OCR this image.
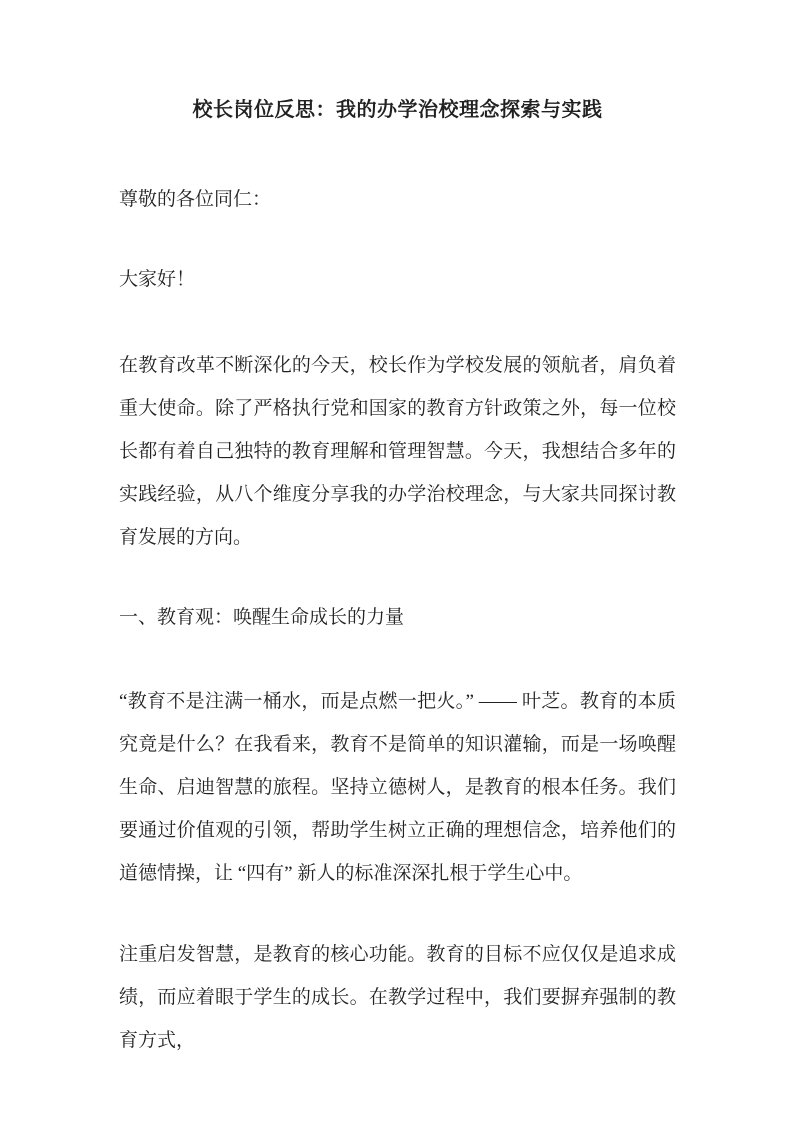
校长岗位反思：我的办学治校理念探索与实践

尊敬的各位同仁：

大家好！

在教育改革不断深化的今天，校长作为学校发展的领航者，肩负着重大使命。除了严格执行党和国家的教育方针政策之外，每一位校长都有着自己独特的教育理解和管理智慧。今天，我想结合多年的实践经验，从八个维度分享我的办学治校理念，与大家共同探讨教育发展的方向。

一、教育观：唤醒生命成长的力量

“教育不是注满一桶水，而是点燃一把火。” —— 叶芝。教育的本质究竟是什么？在我看来，教育不是简单的知识灌输，而是一场唤醒生命、启迪智慧的旅程。坚持立德树人，是教育的根本任务。我们要通过价值观的引领，帮助学生树立正确的理想信念，培养他们的道德情操，让 “四有” 新人的标准深深扎根于学生心中。

注重启发智慧，是教育的核心功能。教育的目标不应仅仅是追求成绩，而应着眼于学生的成长。在教学过程中，我们要摒弃强制的教育方式，
